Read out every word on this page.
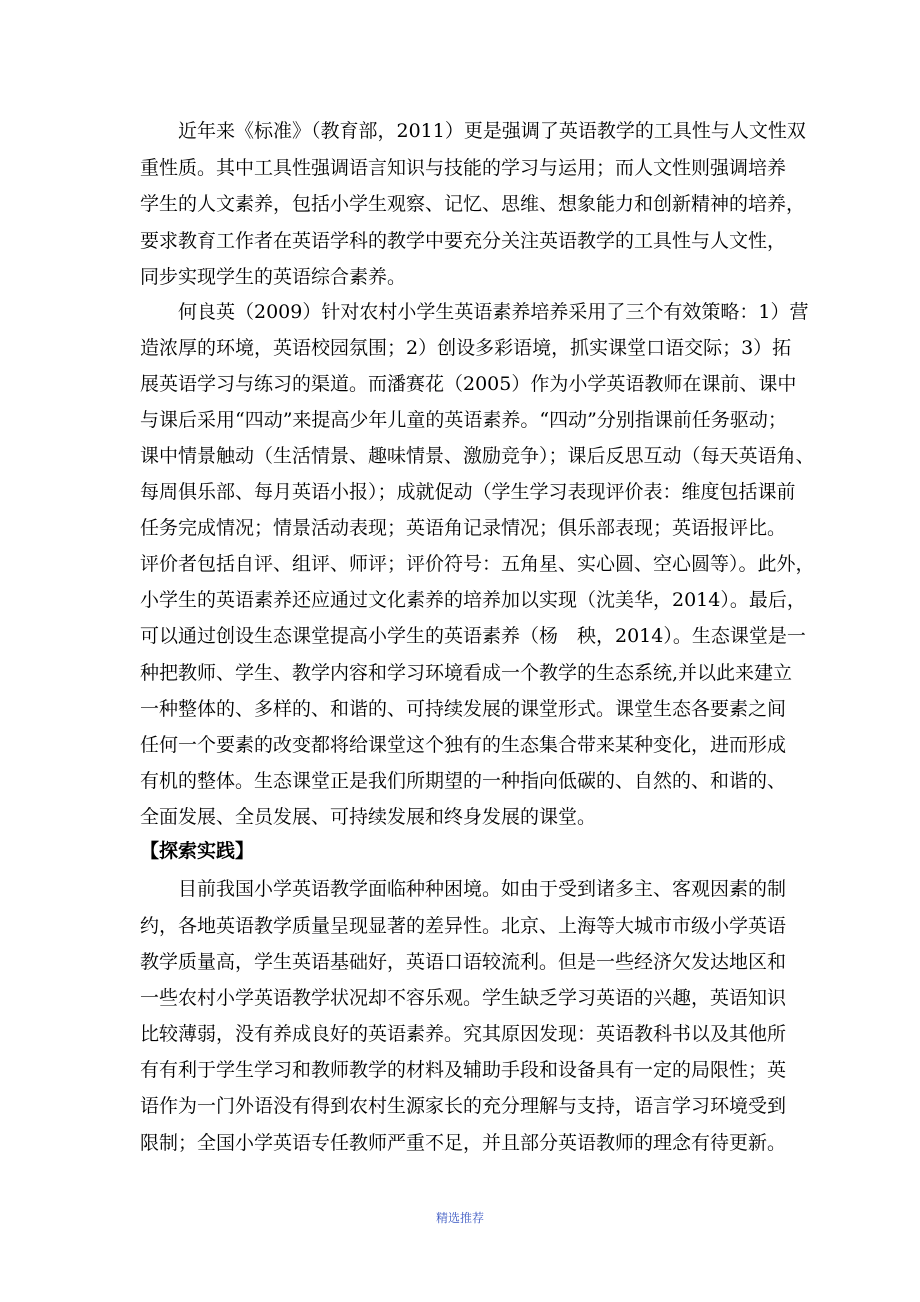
近年来《标准》（教育部，2011）更是强调了英语教学的工具性与人文性双
重性质。其中工具性强调语言知识与技能的学习与运用；而人文性则强调培养
学生的人文素养，包括小学生观察、记忆、思维、想象能力和创新精神的培养，
要求教育工作者在英语学科的教学中要充分关注英语教学的工具性与人文性，
同步实现学生的英语综合素养。
何良英（2009）针对农村小学生英语素养培养采用了三个有效策略：1）营
造浓厚的环境，英语校园氛围；2）创设多彩语境，抓实课堂口语交际；3）拓
展英语学习与练习的渠道。而潘赛花（2005）作为小学英语教师在课前、课中
与课后采用“四动”来提高少年儿童的英语素养。“四动”分别指课前任务驱动；
课中情景触动（生活情景、趣味情景、激励竞争）；课后反思互动（每天英语角、
每周俱乐部、每月英语小报）；成就促动（学生学习表现评价表：维度包括课前
任务完成情况；情景活动表现；英语角记录情况；俱乐部表现；英语报评比。
评价者包括自评、组评、师评；评价符号：五角星、实心圆、空心圆等）。此外，
小学生的英语素养还应通过文化素养的培养加以实现（沈美华，2014）。最后，
可以通过创设生态课堂提高小学生的英语素养（杨　秧，2014）。生态课堂是一
种把教师、学生、教学内容和学习环境看成一个教学的生态系统,并以此来建立
一种整体的、多样的、和谐的、可持续发展的课堂形式。课堂生态各要素之间
任何一个要素的改变都将给课堂这个独有的生态集合带来某种变化，进而形成
有机的整体。生态课堂正是我们所期望的一种指向低碳的、自然的、和谐的、
全面发展、全员发展、可持续发展和终身发展的课堂。
【探索实践】
目前我国小学英语教学面临种种困境。如由于受到诸多主、客观因素的制
约，各地英语教学质量呈现显著的差异性。北京、上海等大城市市级小学英语
教学质量高，学生英语基础好，英语口语较流利。但是一些经济欠发达地区和
一些农村小学英语教学状况却不容乐观。学生缺乏学习英语的兴趣，英语知识
比较薄弱，没有养成良好的英语素养。究其原因发现：英语教科书以及其他所
有有利于学生学习和教师教学的材料及辅助手段和设备具有一定的局限性；英
语作为一门外语没有得到农村生源家长的充分理解与支持，语言学习环境受到
限制；全国小学英语专任教师严重不足，并且部分英语教师的理念有待更新。
精选推荐
